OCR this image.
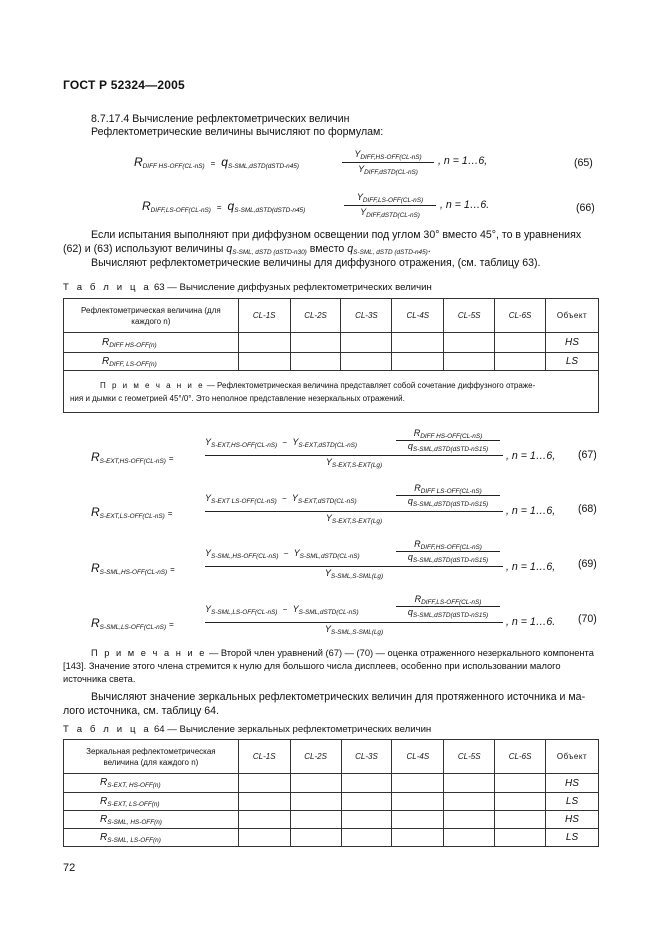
ГОСТ Р 52324—2005
8.7.17.4 Вычисление рефлектометрических величин
Рефлектометрические величины вычисляют по формулам:
$R_{DIFF HS-OFF(CL-nS)} = q_{S-SML,dSTD(dSTD-n45)}$
$Y_{DIFF,HS-OFF(CL-nS)}$
$Y_{DIFF,dSTD(CL-nS)}$
, n = 1…6,	(65)
$R_{DIFF,LS-OFF(CL-nS)} = q_{S-SML,dSTD(dSTD-n45)}$
$Y_{DIFF,LS-OFF(CL-nS)}$
$Y_{DIFF,dSTD(CL-nS)}$
, n = 1…6.	(66)
Если испытания выполняют при диффузном освещении под углом 30° вместо 45°, то в уравнениях
(62) и (63) используют величины $q_{S-SML, dSTD (dSTD-n30)}$ вместо $q_{S-SML, dSTD (dSTD-n45)}$.
Вычисляют рефлектометрические величины для диффузного отражения, (см. таблицу 63).
Т а б л и ц а 63 — Вычисление диффузных рефлектометрических величин
Рефлектометрическая величина (для каждого n)	CL-1S	CL-2S	CL-3S	CL-4S	CL-5S	CL-6S	Объект
$R_{DIFF HS-OFF(n)}$							HS
$R_{DIFF, LS-OFF(n)}$							LS

П р и м е ч а н и е — Рефлектометрическая величина представляет собой сочетание диффузного отраже-
ния и дымки с геометрией 45°/0°. Это неполное представление незеркальных отражений.							
$R_{S-EXT,HS-OFF(CL-nS)}$ =
$Y_{S-EXT,HS-OFF(CL-nS)} - Y_{S-EXT,dSTD(CL-nS)}$
$R_{DIFF HS-OFF(CL-nS)}$
$q_{S-SML,dSTD(dSTD-nS15)}$
$Y_{S-EXT,S-EXT(Lg)}$
, n = 1…6, (67)
$R_{S-EXT,LS-OFF(CL-nS)}$ =
$Y_{S-EXT LS-OFF(CL-nS)} - Y_{S-EXT,dSTD(CL-nS)}$
$R_{DIFF LS-OFF(CL-nS)}$
$q_{S-SML,dSTD(dSTD-nS15)}$
$Y_{S-EXT,S-EXT(Lg)}$
, n = 1…6, (68)
$R_{S-SML,HS-OFF(CL-nS)}$ =
$Y_{S-SML,HS-OFF(CL-nS)} - Y_{S-SML,dSTD(CL-nS)}$
$R_{DIFF,HS-OFF(CL-nS)}$
$q_{S-SML,dSTD(dSTD-nS15)}$
$Y_{S-SML,S-SML(Lg)}$
, n = 1…6, (69)
$R_{S-SML,LS-OFF(CL-nS)}$ =
$Y_{S-SML,LS-OFF(CL-nS)} - Y_{S-SML,dSTD(CL-nS)}$
$R_{DIFF,LS-OFF(CL-nS)}$
$q_{S-SML,dSTD(dSTD-nS15)}$
$Y_{S-SML,S-SML(Lg)}$
, n = 1…6. (70)
П р и м е ч а н и е — Второй член уравнений (67) — (70) — оценка отраженного незеркального компонента
[143]. Значение этого члена стремится к нулю для большого числа дисплеев, особенно при использовании малого
источника света.
Вычисляют значение зеркальных рефлектометрических величин для протяженного источника и ма-
лого источника, см. таблицу 64.
Т а б л и ц а 64 — Вычисление зеркальных рефлектометрических величин
Зеркальная рефлектометрическая величина (для каждого n)	CL-1S	CL-2S	CL-3S	CL-4S	CL-5S	CL-6S	Объект
$R_{S-EXT, HS-OFF(n)}$							HS
$R_{S-EXT, LS-OFF(n)}$							LS
$R_{S-SML, HS-OFF(n)}$							HS
$R_{S-SML, LS-OFF(n)}$							LS
72
